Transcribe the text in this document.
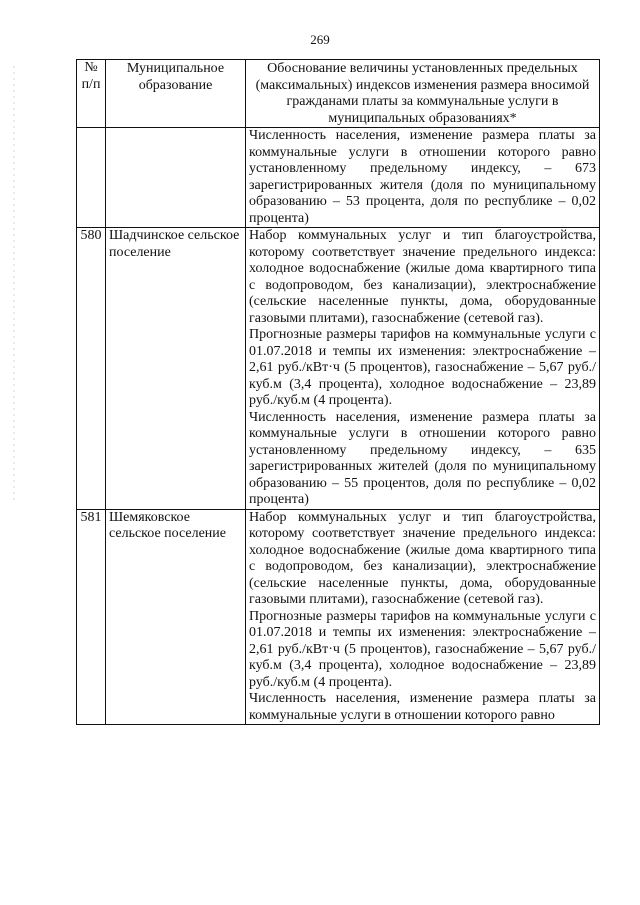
269
№ п/п	Муниципальное образование	Обоснование величины установленных предельных (максимальных) индексов изменения размера вносимой гражданами платы за коммунальные услуги в муниципальных образованиях*

		Численность населения, изменение размера платы за коммунальные услуги в отношении которого равно установленному предельному индексу, – 673 зарегистрированных жителя (доля по муниципальному образованию – 53 процента, доля по республике – 0,02 процента)

580	Шадчинское сельское поселение	Набор коммунальных услуг и тип благоустройства, которому соответствует значение предельного индекса: холодное водоснабжение (жилые дома квартирного типа с водопроводом, без канализации), электроснабжение (сельские населенные пункты, дома, оборудованные газовыми плитами), газоснабжение (сетевой газ).

Прогнозные размеры тарифов на коммунальные услуги с 01.07.2018 и темпы их изменения: электроснабжение – 2,61 руб./кВт·ч (5 процентов), газоснабжение – 5,67 руб./куб.м (3,4 процента), холодное водоснабжение – 23,89 руб./куб.м (4 процента).

Численность населения, изменение размера платы за коммунальные услуги в отношении которого равно установленному предельному индексу, – 635 зарегистрированных жителей (доля по муниципальному образованию – 55 процентов, доля по республике – 0,02 процента)

581	Шемяковское сельское поселение	Набор коммунальных услуг и тип благоустройства, которому соответствует значение предельного индекса: холодное водоснабжение (жилые дома квартирного типа с водопроводом, без канализации), электроснабжение (сельские населенные пункты, дома, оборудованные газовыми плитами), газоснабжение (сетевой газ).

Прогнозные размеры тарифов на коммунальные услуги с 01.07.2018 и темпы их изменения: электроснабжение – 2,61 руб./кВт·ч (5 процентов), газоснабжение – 5,67 руб./куб.м (3,4 процента), холодное водоснабжение – 23,89 руб./куб.м (4 процента).

Численность населения, изменение размера платы за коммунальные услуги в отношении которого равно
